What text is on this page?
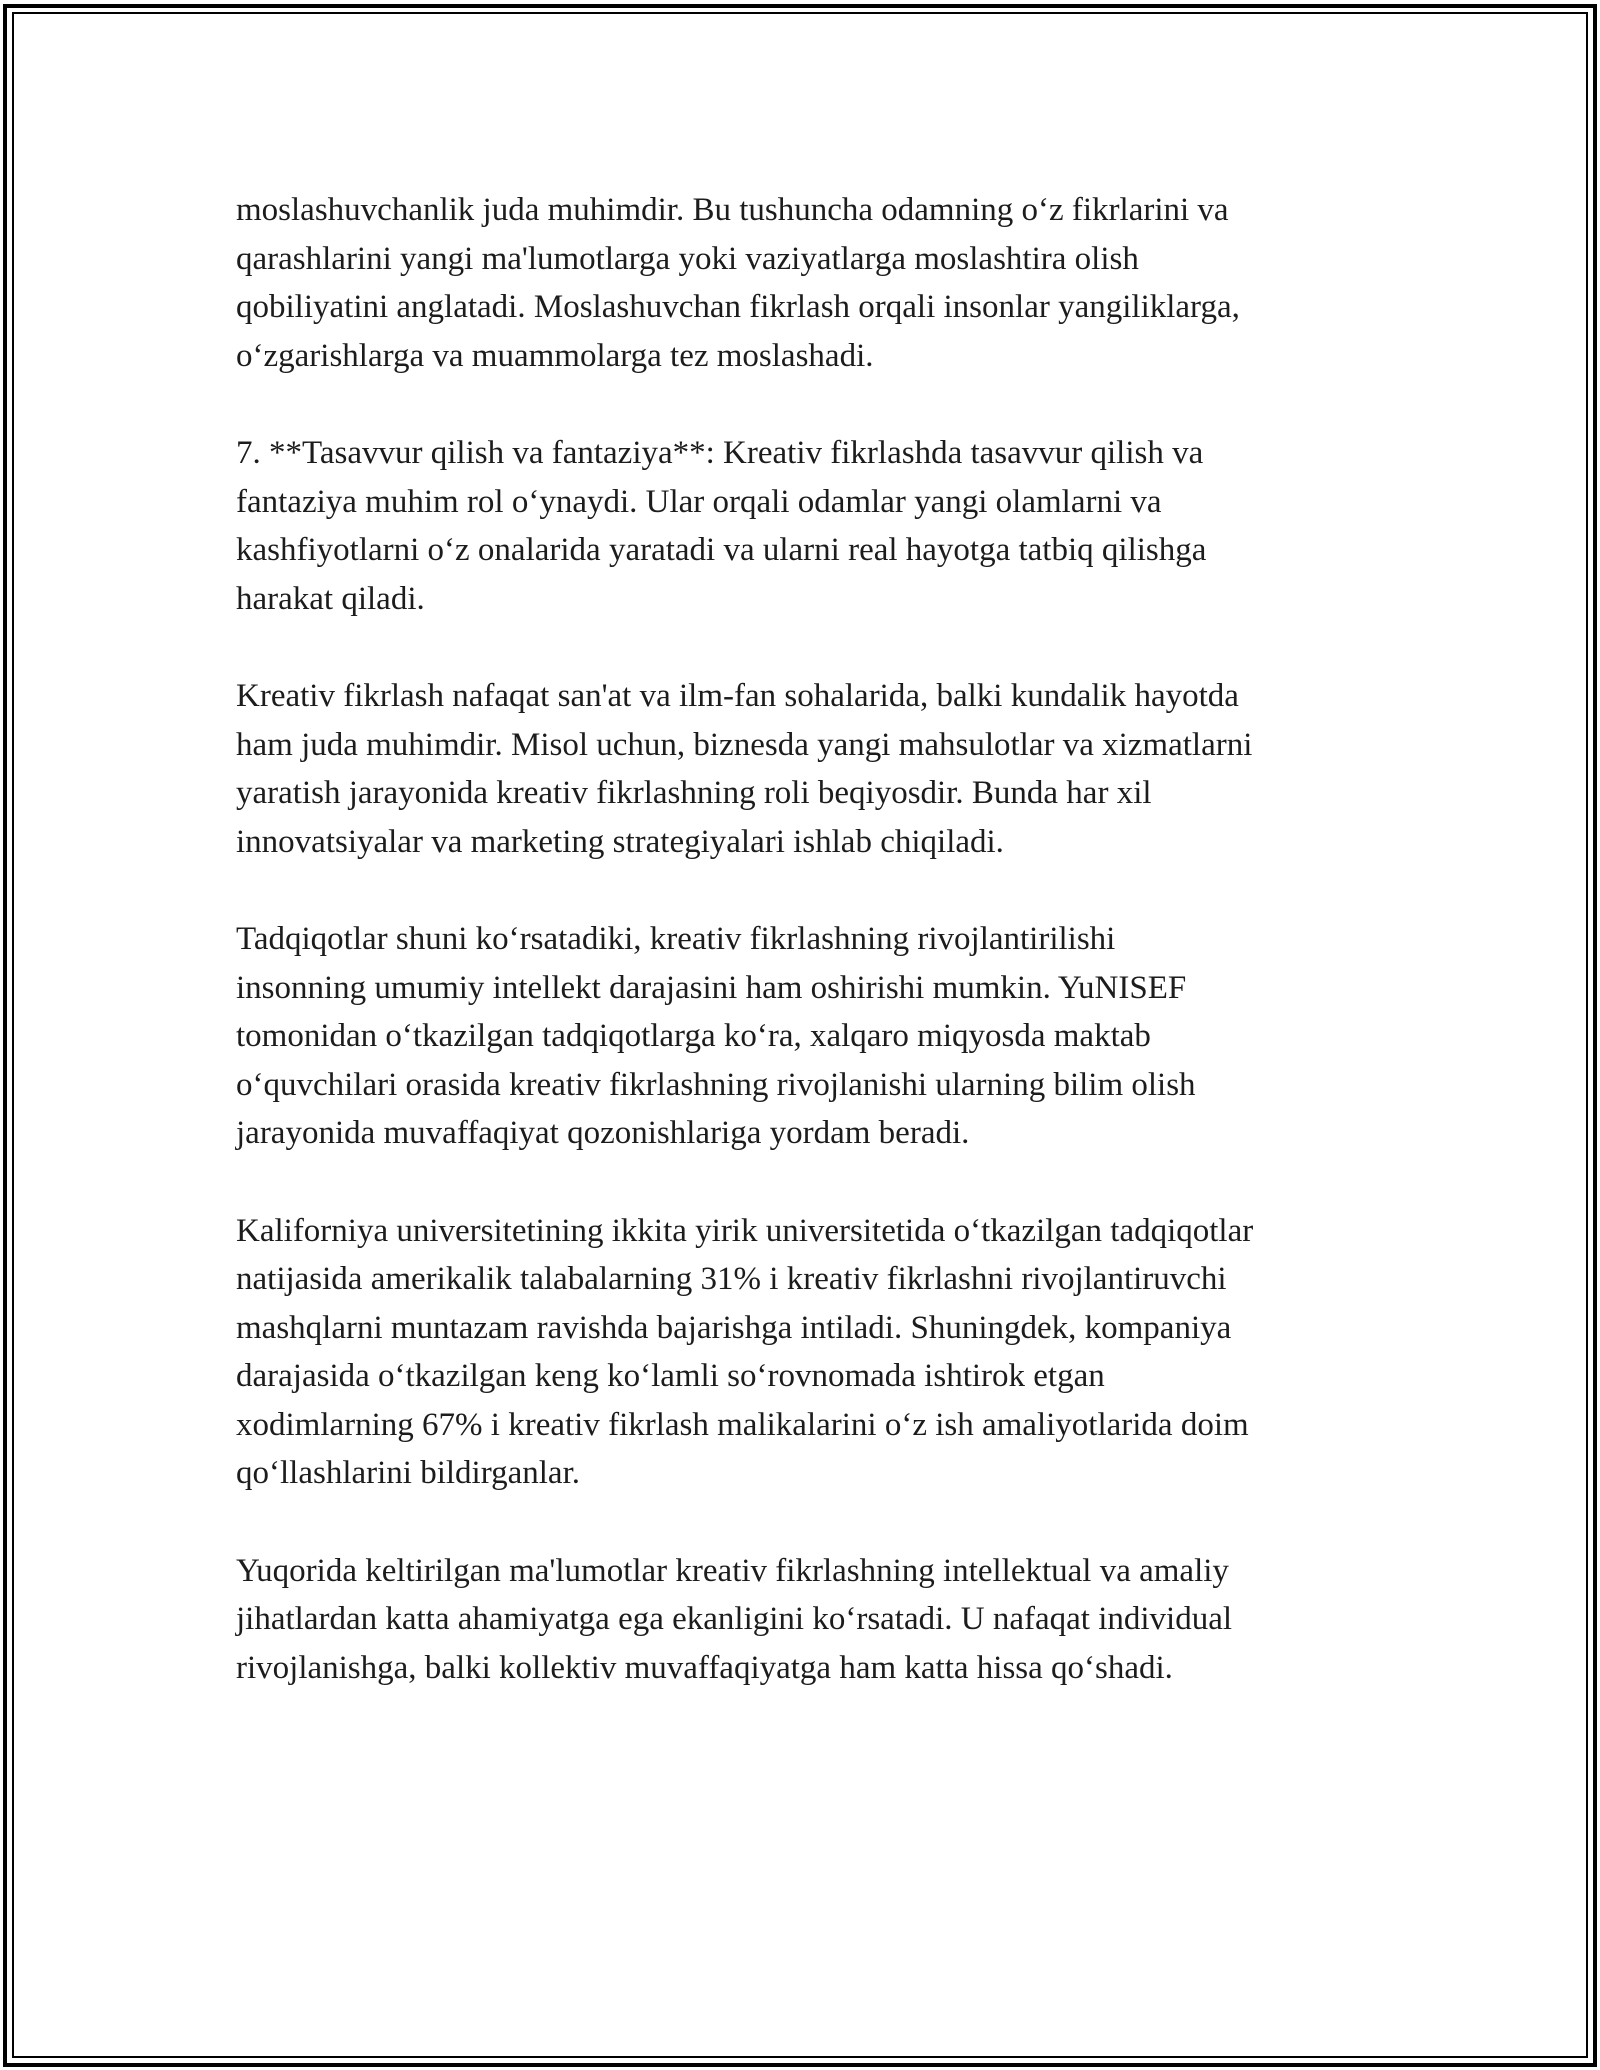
moslashuvchanlik juda muhimdir. Bu tushuncha odamning o‘z fikrlarini va
qarashlarini yangi ma'lumotlarga yoki vaziyatlarga moslashtira olish
qobiliyatini anglatadi. Moslashuvchan fikrlash orqali insonlar yangiliklarga,
o‘zgarishlarga va muammolarga tez moslashadi.

7. **Tasavvur qilish va fantaziya**: Kreativ fikrlashda tasavvur qilish va
fantaziya muhim rol o‘ynaydi. Ular orqali odamlar yangi olamlarni va
kashfiyotlarni o‘z onalarida yaratadi va ularni real hayotga tatbiq qilishga
harakat qiladi.

Kreativ fikrlash nafaqat san'at va ilm-fan sohalarida, balki kundalik hayotda
ham juda muhimdir. Misol uchun, biznesda yangi mahsulotlar va xizmatlarni
yaratish jarayonida kreativ fikrlashning roli beqiyosdir. Bunda har xil
innovatsiyalar va marketing strategiyalari ishlab chiqiladi.

Tadqiqotlar shuni ko‘rsatadiki, kreativ fikrlashning rivojlantirilishi
insonning umumiy intellekt darajasini ham oshirishi mumkin. YuNISEF
tomonidan o‘tkazilgan tadqiqotlarga ko‘ra, xalqaro miqyosda maktab
o‘quvchilari orasida kreativ fikrlashning rivojlanishi ularning bilim olish
jarayonida muvaffaqiyat qozonishlariga yordam beradi.

Kaliforniya universitetining ikkita yirik universitetida o‘tkazilgan tadqiqotlar
natijasida amerikalik talabalarning 31% i kreativ fikrlashni rivojlantiruvchi
mashqlarni muntazam ravishda bajarishga intiladi. Shuningdek, kompaniya
darajasida o‘tkazilgan keng ko‘lamli so‘rovnomada ishtirok etgan
xodimlarning 67% i kreativ fikrlash malikalarini o‘z ish amaliyotlarida doim
qo‘llashlarini bildirganlar.

Yuqorida keltirilgan ma'lumotlar kreativ fikrlashning intellektual va amaliy
jihatlardan katta ahamiyatga ega ekanligini ko‘rsatadi. U nafaqat individual
rivojlanishga, balki kollektiv muvaffaqiyatga ham katta hissa qo‘shadi.
